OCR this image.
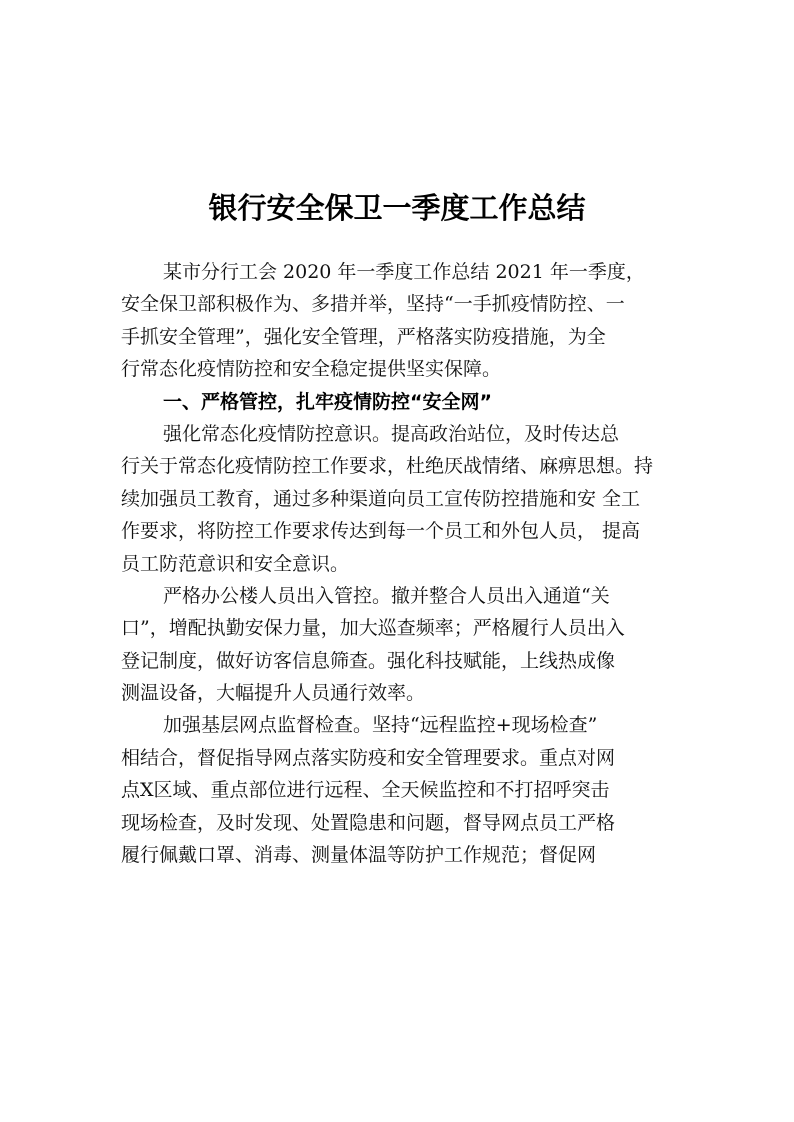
银行安全保卫一季度工作总结
某市分行工会 2020 年一季度工作总结 2021 年一季度，
安全保卫部积极作为、多措并举，坚持“一手抓疫情防控、一
手抓安全管理”，强化安全管理，严格落实防疫措施，为全
行常态化疫情防控和安全稳定提供坚实保障。
一、严格管控，扎牢疫情防控“安全网”
强化常态化疫情防控意识。提高政治站位，及时传达总
行关于常态化疫情防控工作要求，杜绝厌战情绪、麻痹思想。持
续加强员工教育，通过多种渠道向员工宣传防控措施和安 全工
作要求，将防控工作要求传达到每一个员工和外包人员， 提高
员工防范意识和安全意识。
严格办公楼人员出入管控。撤并整合人员出入通道“关
口”，增配执勤安保力量，加大巡查频率；严格履行人员出入
登记制度，做好访客信息筛查。强化科技赋能，上线热成像
测温设备，大幅提升人员通行效率。
加强基层网点监督检查。坚持“远程监控+现场检查”
相结合，督促指导网点落实防疫和安全管理要求。重点对网
点X区域、重点部位进行远程、全天候监控和不打招呼突击
现场检查，及时发现、处置隐患和问题，督导网点员工严格
履行佩戴口罩、消毒、测量体温等防护工作规范；督促网
